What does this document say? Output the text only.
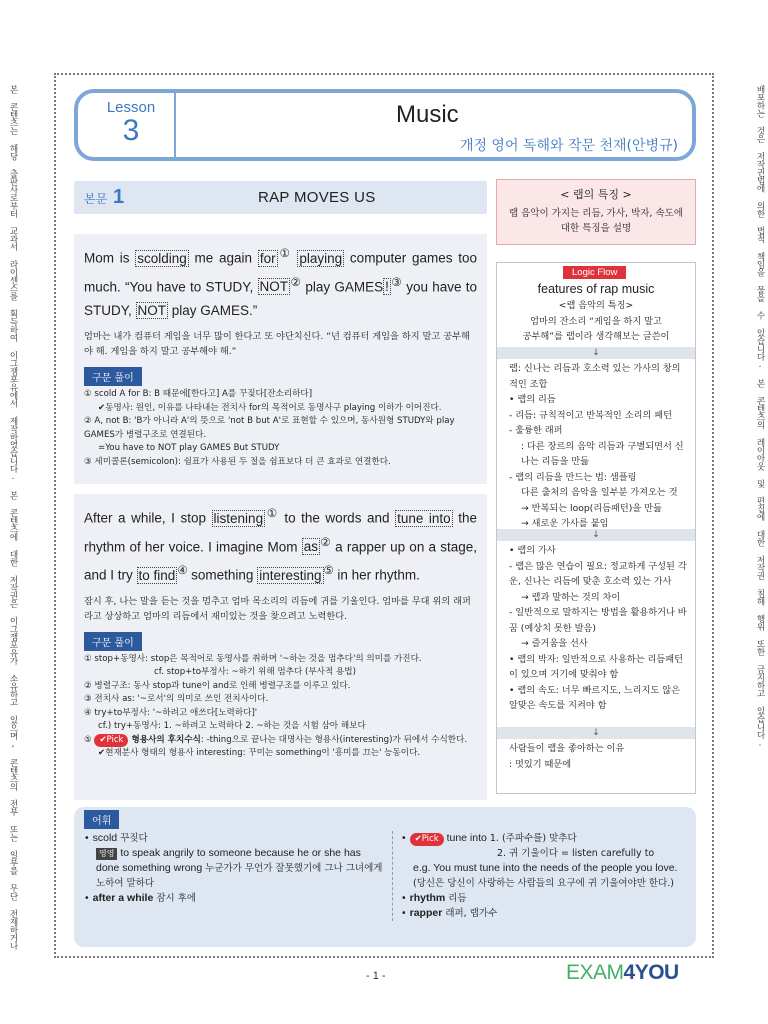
본 콘텐츠는 해당 출판사로부터 교과서 라이센스를 획득하여 이그잼포유에서 제작하였습니다. 본 콘텐츠에 대한 저작권은 이그잼포유가 소유하고 있으며, 콘텐츠의 전부 또는 일부를 무단 전재하거나	배포하는 것은 저작권법에 의한 법적 책임을 물을 수 있습니다. 본 콘텐츠의 레이아웃 및 편집에 대한 저작권 침해 행위 또한 금지하고 있습니다.
Lesson
3	Music
개정 영어 독해와 작문 천재(안병규)
본문 1	RAP MOVES US	< 랩의 특징 >
랩 음악이 가지는 리듬, 가사, 박자, 속도에 대한 특징을 설명
Mom is scolding me again for ① playing computer games too much. “You have to STUDY, NOT ② play GAMES ! ③ you have to STUDY, NOT play GAMES.”
엄마는 내가 컴퓨터 게임을 너무 많이 한다고 또 야단치신다. “넌 컴퓨터 게임을 하지 말고 공부해야 해. 게임을 하지 말고 공부해야 해.”
구문 풀이
① scold A for B: B 때문에[한다고] A를 꾸짖다[잔소리하다]
✔동명사: 원인, 이유를 나타내는 전치사 for의 목적어로 동명사구 playing 이하가 이어진다.
② A, not B: 'B가 아니라 A'의 뜻으로 'not B but A'로 표현할 수 있으며, 동사원형 STUDY와 play GAMES가 병렬구조로 연결된다.
=You have to NOT play GAMES But STUDY
③ 세미콜론(semicolon): 쉼표가 사용된 두 절을 쉼표보다 더 큰 효과로 연결한다.
After a while, I stop listening ① to the words and tune into the rhythm of her voice. I imagine Mom as ② a rapper up on a stage, and I try to find ④ something interesting ⑤ in her rhythm.
잠시 후, 나는 말을 듣는 것을 멈추고 엄마 목소리의 리듬에 귀를 기울인다. 엄마를 무대 위의 래퍼라고 상상하고 엄마의 리듬에서 재미있는 것을 찾으려고 노력한다.
구문 풀이
① stop+동명사: stop은 목적어로 동명사를 취하며 '~하는 것을 멈추다'의 의미를 가진다.
cf. stop+to부정사: ~하기 위해 멈추다 (부사적 용법)
② 병렬구조: 동사 stop과 tune이 and로 인해 병렬구조를 이루고 있다.
③ 전치사 as: '~로서'의 의미로 쓰인 전치사이다.
④ try+to부정사: '~하려고 애쓰다[노력하다]'
cf.) try+동명사: 1. ~하려고 노력하다 2. ~하는 것을 시험 삼아 해보다
⑤ ✔Pick 형용사의 후치수식: -thing으로 끝나는 대명사는 형용사(interesting)가 뒤에서 수식한다.
✔현재분사 형태의 형용사 interesting: 꾸미는 something이 '흥미를 끄는' 능동이다.
Logic Flow
features of rap music
<랩 음악의 특징>
엄마의 잔소리 “게임을 하지 말고
공부해”를 랩이라 생각해보는 글쓴이
↓
랩: 신나는 리듬과 호소력 있는 가사의 창의적인 조합
• 랩의 리듬
- 리듬: 규칙적이고 반복적인 소리의 패턴
- 훌륭한 래퍼
: 다른 장르의 음악 리듬과 구별되면서 신나는 리듬을 만듦
- 랩의 리듬을 만드는 법: 샘플링
다른 출처의 음악을 일부분 가져오는 것
→ 반복되는 loop(리듬패턴)을 만듦
→ 새로운 가사를 붙임
↓
• 랩의 가사
- 랩은 많은 연습이 필요: 정교하게 구성된 각운, 신나는 리듬에 맞춘 호소력 있는 가사
→ 랩과 말하는 것의 차이
- 일반적으로 말하지는 방법을 활용하거나 바꿈 (예상치 못한 발음)
→ 즐거움을 선사
• 랩의 박자: 일반적으로 사용하는 리듬패턴이 있으며 거기에 맞춰야 함
• 랩의 속도: 너무 빠르지도, 느리지도 않은 알맞은 속도를 지켜야 함
↓
사람들이 랩을 좋아하는 이유
: 멋있기 때문에
어휘
• scold 꾸짖다
영영 to speak angrily to someone because he or she has done something wrong 누군가가 무언가 잘못했기에 그나 그녀에게 노하여 말하다
• after a while 잠시 후에
• ✔Pick tune into 1. (주파수를) 맞추다
2. 귀 기울이다 = listen carefully to
e.g. You must tune into the needs of the people you love. (당신은 당신이 사랑하는 사람들의 요구에 귀 기울여야만 한다.)
• rhythm 리듬
• rapper 래퍼, 랩가수
- 1 -	EXAM4YOU
